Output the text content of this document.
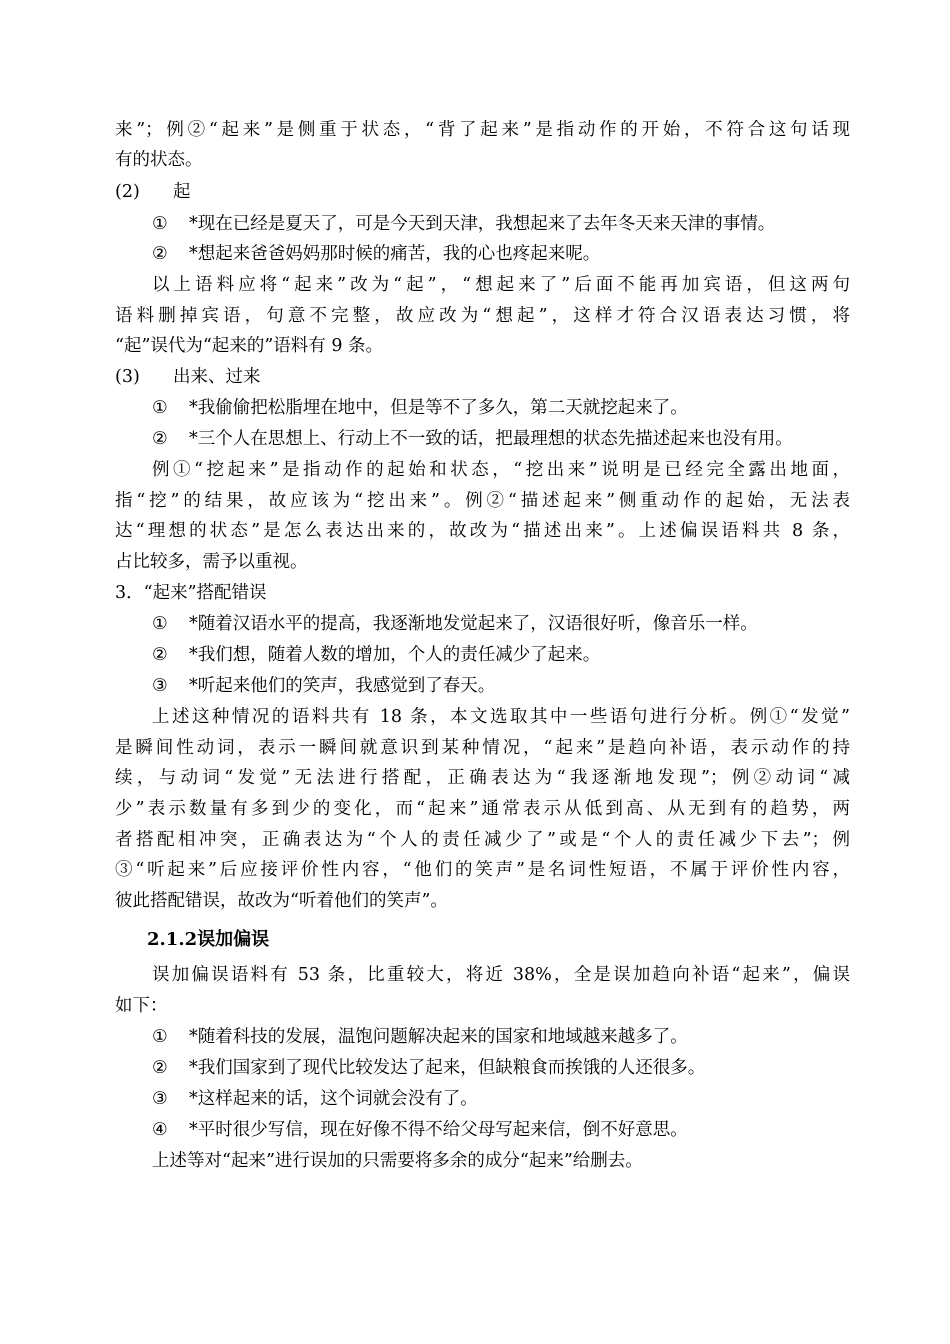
来”；例②“起来”是侧重于状态，“背了起来”是指动作的开始，不符合这句话现
有的状态。
(2) 起
① *现在已经是夏天了，可是今天到天津，我想起来了去年冬天来天津的事情。
② *想起来爸爸妈妈那时候的痛苦，我的心也疼起来呢。
以上语料应将“起来”改为“起”，“想起来了”后面不能再加宾语，但这两句
语料删掉宾语，句意不完整，故应改为“想起”，这样才符合汉语表达习惯，将
“起”误代为“起来的”语料有 9 条。
(3) 出来、过来
① *我偷偷把松脂埋在地中，但是等不了多久，第二天就挖起来了。
② *三个人在思想上、行动上不一致的话，把最理想的状态先描述起来也没有用。
例①“挖起来”是指动作的起始和状态，“挖出来”说明是已经完全露出地面，
指“挖”的结果，故应该为“挖出来”。例②“描述起来”侧重动作的起始，无法表
达“理想的状态”是怎么表达出来的，故改为“描述出来”。上述偏误语料共 8 条，
占比较多，需予以重视。
3．“起来”搭配错误
① *随着汉语水平的提高，我逐渐地发觉起来了，汉语很好听，像音乐一样。
② *我们想，随着人数的增加，个人的责任减少了起来。
③ *听起来他们的笑声，我感觉到了春天。
上述这种情况的语料共有 18 条，本文选取其中一些语句进行分析。例①“发觉”
是瞬间性动词，表示一瞬间就意识到某种情况，“起来”是趋向补语，表示动作的持
续，与动词“发觉”无法进行搭配，正确表达为“我逐渐地发现”；例②动词“减
少”表示数量有多到少的变化，而“起来”通常表示从低到高、从无到有的趋势，两
者搭配相冲突，正确表达为“个人的责任减少了”或是“个人的责任减少下去”；例
③“听起来”后应接评价性内容，“他们的笑声”是名词性短语，不属于评价性内容，
彼此搭配错误，故改为“听着他们的笑声”。
2.1.2误加偏误
误加偏误语料有 53 条，比重较大，将近 38%，全是误加趋向补语“起来”，偏误
如下：
① *随着科技的发展，温饱问题解决起来的国家和地域越来越多了。
② *我们国家到了现代比较发达了起来，但缺粮食而挨饿的人还很多。
③ *这样起来的话，这个词就会没有了。
④ *平时很少写信，现在好像不得不给父母写起来信，倒不好意思。
上述等对“起来”进行误加的只需要将多余的成分“起来”给删去。
